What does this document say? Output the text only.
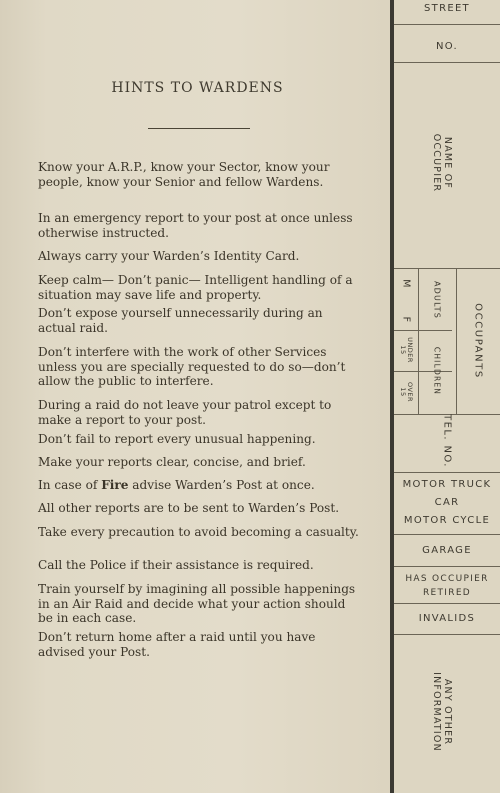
HINTS TO WARDENS
Know your A.R.P., know your Sector, know your people, know your Senior and fellow Wardens.
In an emergency report to your post at once unless otherwise instructed.
Always carry your Warden’s Identity Card.
Keep calm— Don’t panic— Intelligent handling of a situation may save life and property.
Don’t expose yourself unnecessarily during an actual raid.
Don’t interfere with the work of other Services unless you are specially requested to do so—don’t allow the public to interfere.
During a raid do not leave your patrol except to make a report to your post.
Don’t fail to report every unusual happening.
Make your reports clear, concise, and brief.
In case of Fire advise Warden’s Post at once.
All other reports are to be sent to Warden’s Post.
Take every precaution to avoid becoming a casualty.
Call the Police if their assistance is required.
Train yourself by imagining all possible happenings in an Air Raid and decide what your action should be in each case.
Don’t return home after a raid until you have advised your Post.
STREET
NO.
NAME OF OCCUPIER
M
F
ADULTS
UNDER 15
OVER 15	CHILDREN	OCCUPANTS
TEL. NO.
MOTOR TRUCK
CAR
MOTOR CYCLE
GARAGE
HAS OCCUPIER
RETIRED
INVALIDS
ANY OTHER INFORMATION
